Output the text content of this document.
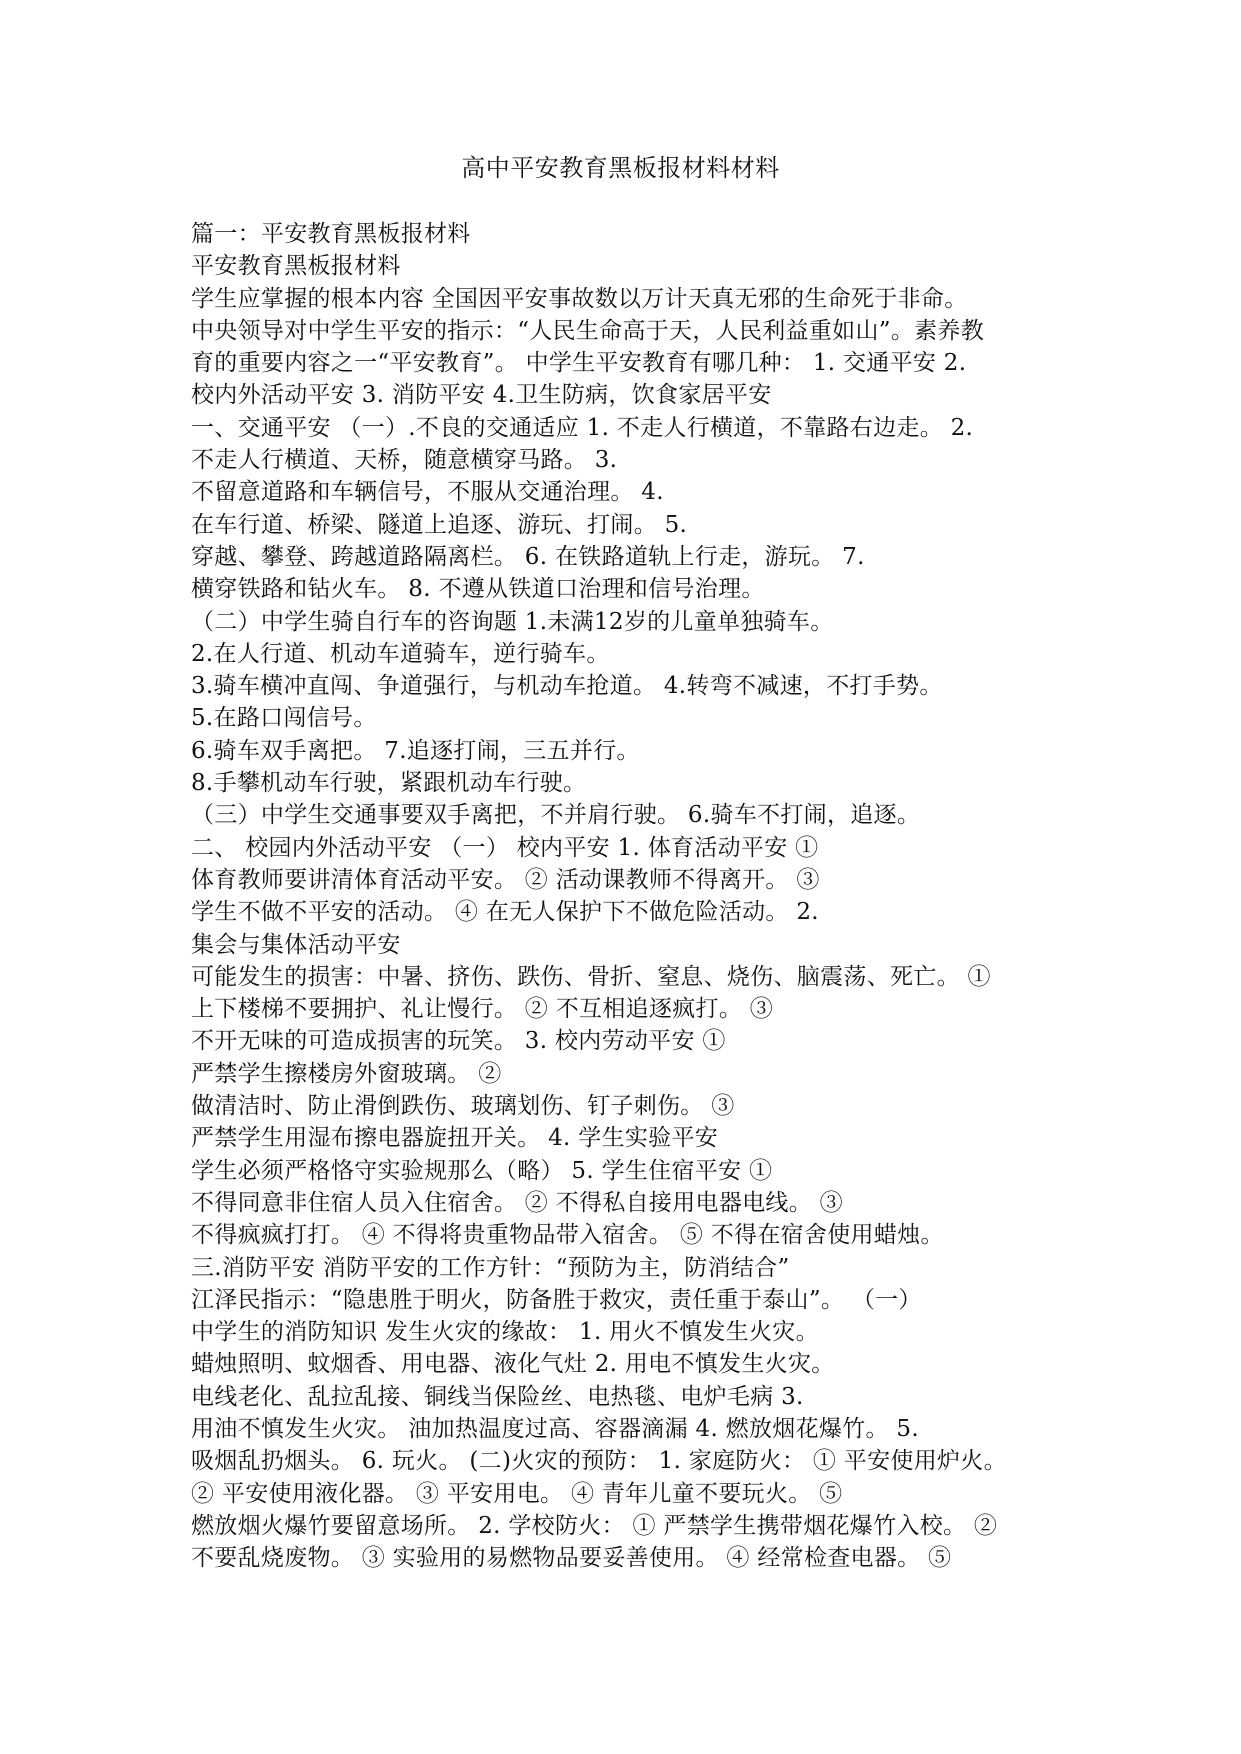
高中平安教育黑板报材料材料
篇一：平安教育黑板报材料
平安教育黑板报材料
学生应掌握的根本内容 全国因平安事故数以万计天真无邪的生命死于非命。
中央领导对中学生平安的指示：“人民生命高于天，人民利益重如山”。素养教
育的重要内容之一“平安教育”。 中学生平安教育有哪几种： 1. 交通平安 2.
校内外活动平安 3. 消防平安 4.卫生防病，饮食家居平安
一、交通平安 （一）.不良的交通适应 1. 不走人行横道，不靠路右边走。 2.
不走人行横道、天桥，随意横穿马路。 3.
不留意道路和车辆信号，不服从交通治理。 4.
在车行道、桥梁、隧道上追逐、游玩、打闹。 5.
穿越、攀登、跨越道路隔离栏。 6. 在铁路道轨上行走，游玩。 7.
横穿铁路和钻火车。 8. 不遵从铁道口治理和信号治理。
（二）中学生骑自行车的咨询题 1.未满12岁的儿童单独骑车。
2.在人行道、机动车道骑车，逆行骑车。
3.骑车横冲直闯、争道强行，与机动车抢道。 4.转弯不减速，不打手势。
5.在路口闯信号。
6.骑车双手离把。 7.追逐打闹，三五并行。
8.手攀机动车行驶，紧跟机动车行驶。
（三）中学生交通事要双手离把，不并肩行驶。 6.骑车不打闹，追逐。
二、 校园内外活动平安 （一） 校内平安 1. 体育活动平安 ①
体育教师要讲清体育活动平安。 ② 活动课教师不得离开。 ③
学生不做不平安的活动。 ④ 在无人保护下不做危险活动。 2.
集会与集体活动平安
可能发生的损害：中暑、挤伤、跌伤、骨折、窒息、烧伤、脑震荡、死亡。 ①
上下楼梯不要拥护、礼让慢行。 ② 不互相追逐疯打。 ③
不开无味的可造成损害的玩笑。 3. 校内劳动平安 ①
严禁学生擦楼房外窗玻璃。 ②
做清洁时、防止滑倒跌伤、玻璃划伤、钉子刺伤。 ③
严禁学生用湿布擦电器旋扭开关。 4. 学生实验平安
学生必须严格恪守实验规那么（略） 5. 学生住宿平安 ①
不得同意非住宿人员入住宿舍。 ② 不得私自接用电器电线。 ③
不得疯疯打打。 ④ 不得将贵重物品带入宿舍。 ⑤ 不得在宿舍使用蜡烛。
三.消防平安 消防平安的工作方针：“预防为主，防消结合”
江泽民指示：“隐患胜于明火，防备胜于救灾，责任重于泰山”。 （一）
中学生的消防知识 发生火灾的缘故： 1. 用火不慎发生火灾。
蜡烛照明、蚊烟香、用电器、液化气灶 2. 用电不慎发生火灾。
电线老化、乱拉乱接、铜线当保险丝、电热毯、电炉毛病 3.
用油不慎发生火灾。 油加热温度过高、容器滴漏 4. 燃放烟花爆竹。 5.
吸烟乱扔烟头。 6. 玩火。 (二)火灾的预防： 1. 家庭防火： ① 平安使用炉火。
② 平安使用液化器。 ③ 平安用电。 ④ 青年儿童不要玩火。 ⑤
燃放烟火爆竹要留意场所。 2. 学校防火： ① 严禁学生携带烟花爆竹入校。 ②
不要乱烧废物。 ③ 实验用的易燃物品要妥善使用。 ④ 经常检查电器。 ⑤
